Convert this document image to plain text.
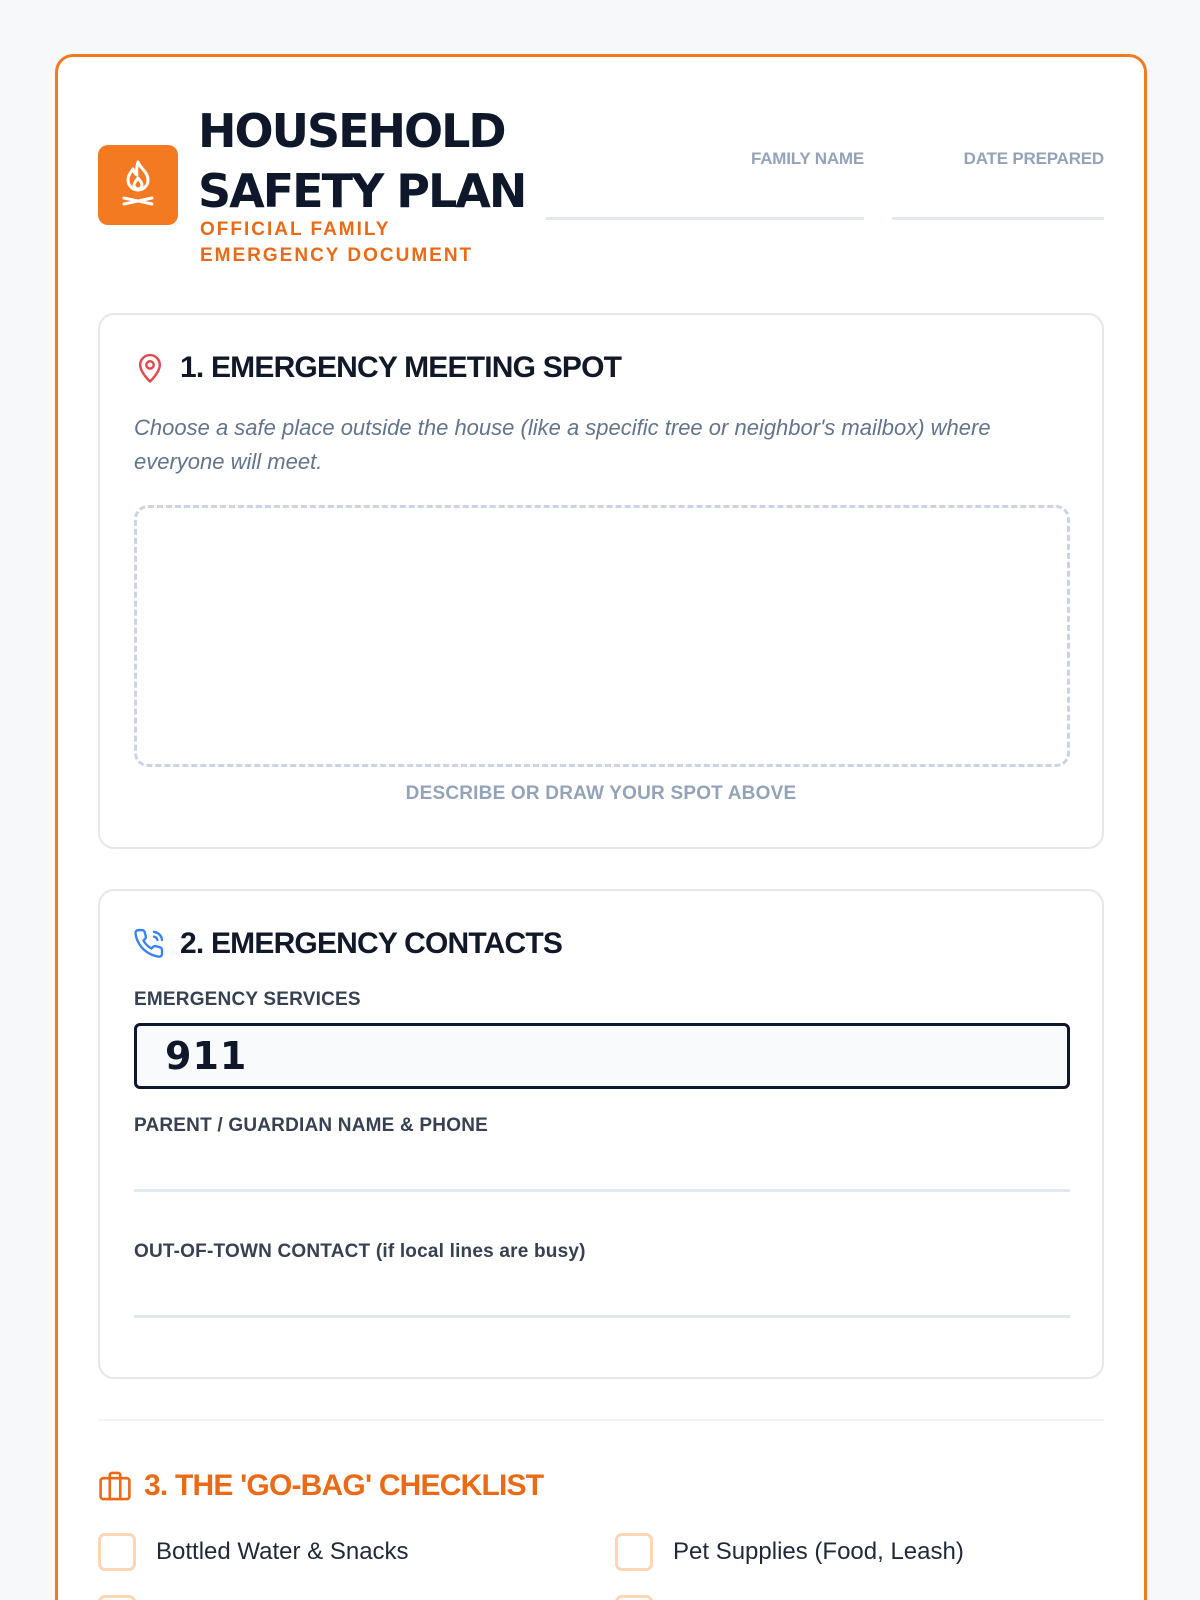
HOUSEHOLD
SAFETY PLAN
OFFICIAL FAMILY EMERGENCY DOCUMENT
FAMILY NAME	DATE PREPARED
1. EMERGENCY MEETING SPOT
Choose a safe place outside the house (like a specific tree or neighbor's mailbox) where everyone will meet.
DESCRIBE OR DRAW YOUR SPOT ABOVE
2. EMERGENCY CONTACTS
EMERGENCY SERVICES
911
PARENT / GUARDIAN NAME & PHONE
OUT-OF-TOWN CONTACT (if local lines are busy)
3. THE 'GO-BAG' CHECKLIST
Bottled Water & Snacks	Pet Supplies (Food, Leash)
